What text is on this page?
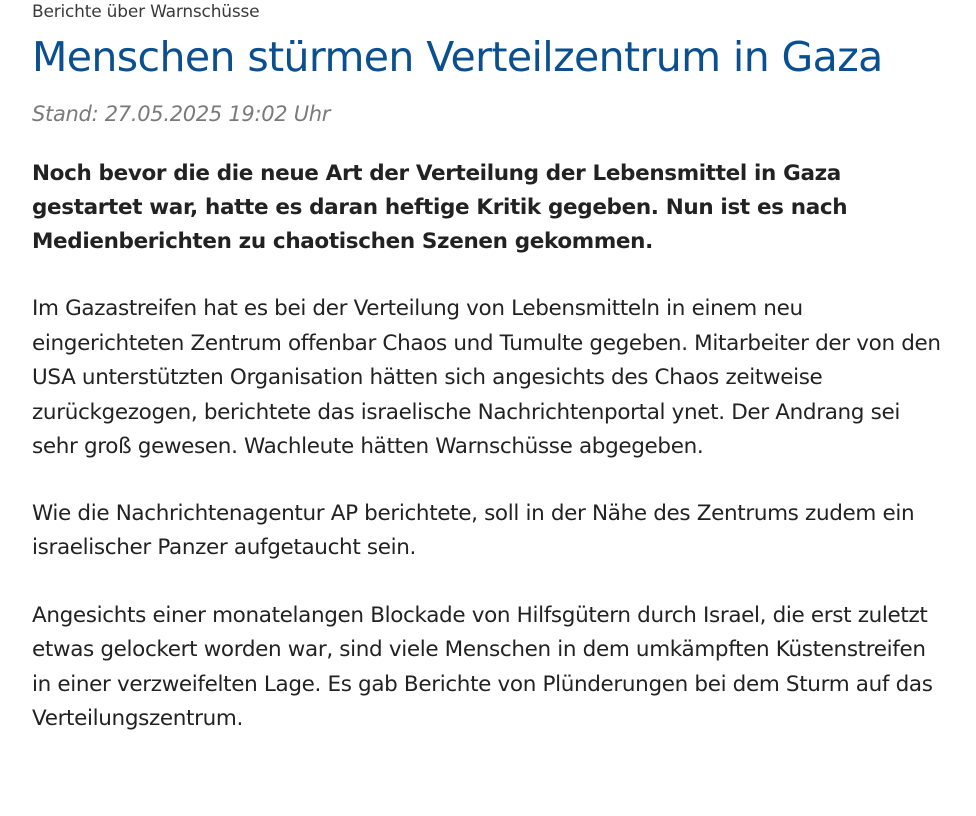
Berichte über Warnschüsse

Menschen stürmen Verteilzentrum in Gaza

Stand: 27.05.2025 19:02 Uhr

Noch bevor die die neue Art der Verteilung der Lebensmittel in Gaza gestartet war, hatte es daran heftige Kritik gegeben. Nun ist es nach Medienberichten zu chaotischen Szenen gekommen.

Im Gazastreifen hat es bei der Verteilung von Lebensmitteln in einem neu eingerichteten Zentrum offenbar Chaos und Tumulte gegeben. Mitarbeiter der von den USA unterstützten Organisation hätten sich angesichts des Chaos zeitweise zurückgezogen, berichtete das israelische Nachrichtenportal ynet. Der Andrang sei sehr groß gewesen. Wachleute hätten Warnschüsse abgegeben.

Wie die Nachrichtenagentur AP berichtete, soll in der Nähe des Zentrums zudem ein israelischer Panzer aufgetaucht sein.

Angesichts einer monatelangen Blockade von Hilfsgütern durch Israel, die erst zuletzt etwas gelockert worden war, sind viele Menschen in dem umkämpften Küstenstreifen in einer verzweifelten Lage. Es gab Berichte von Plünderungen bei dem Sturm auf das Verteilungszentrum.
